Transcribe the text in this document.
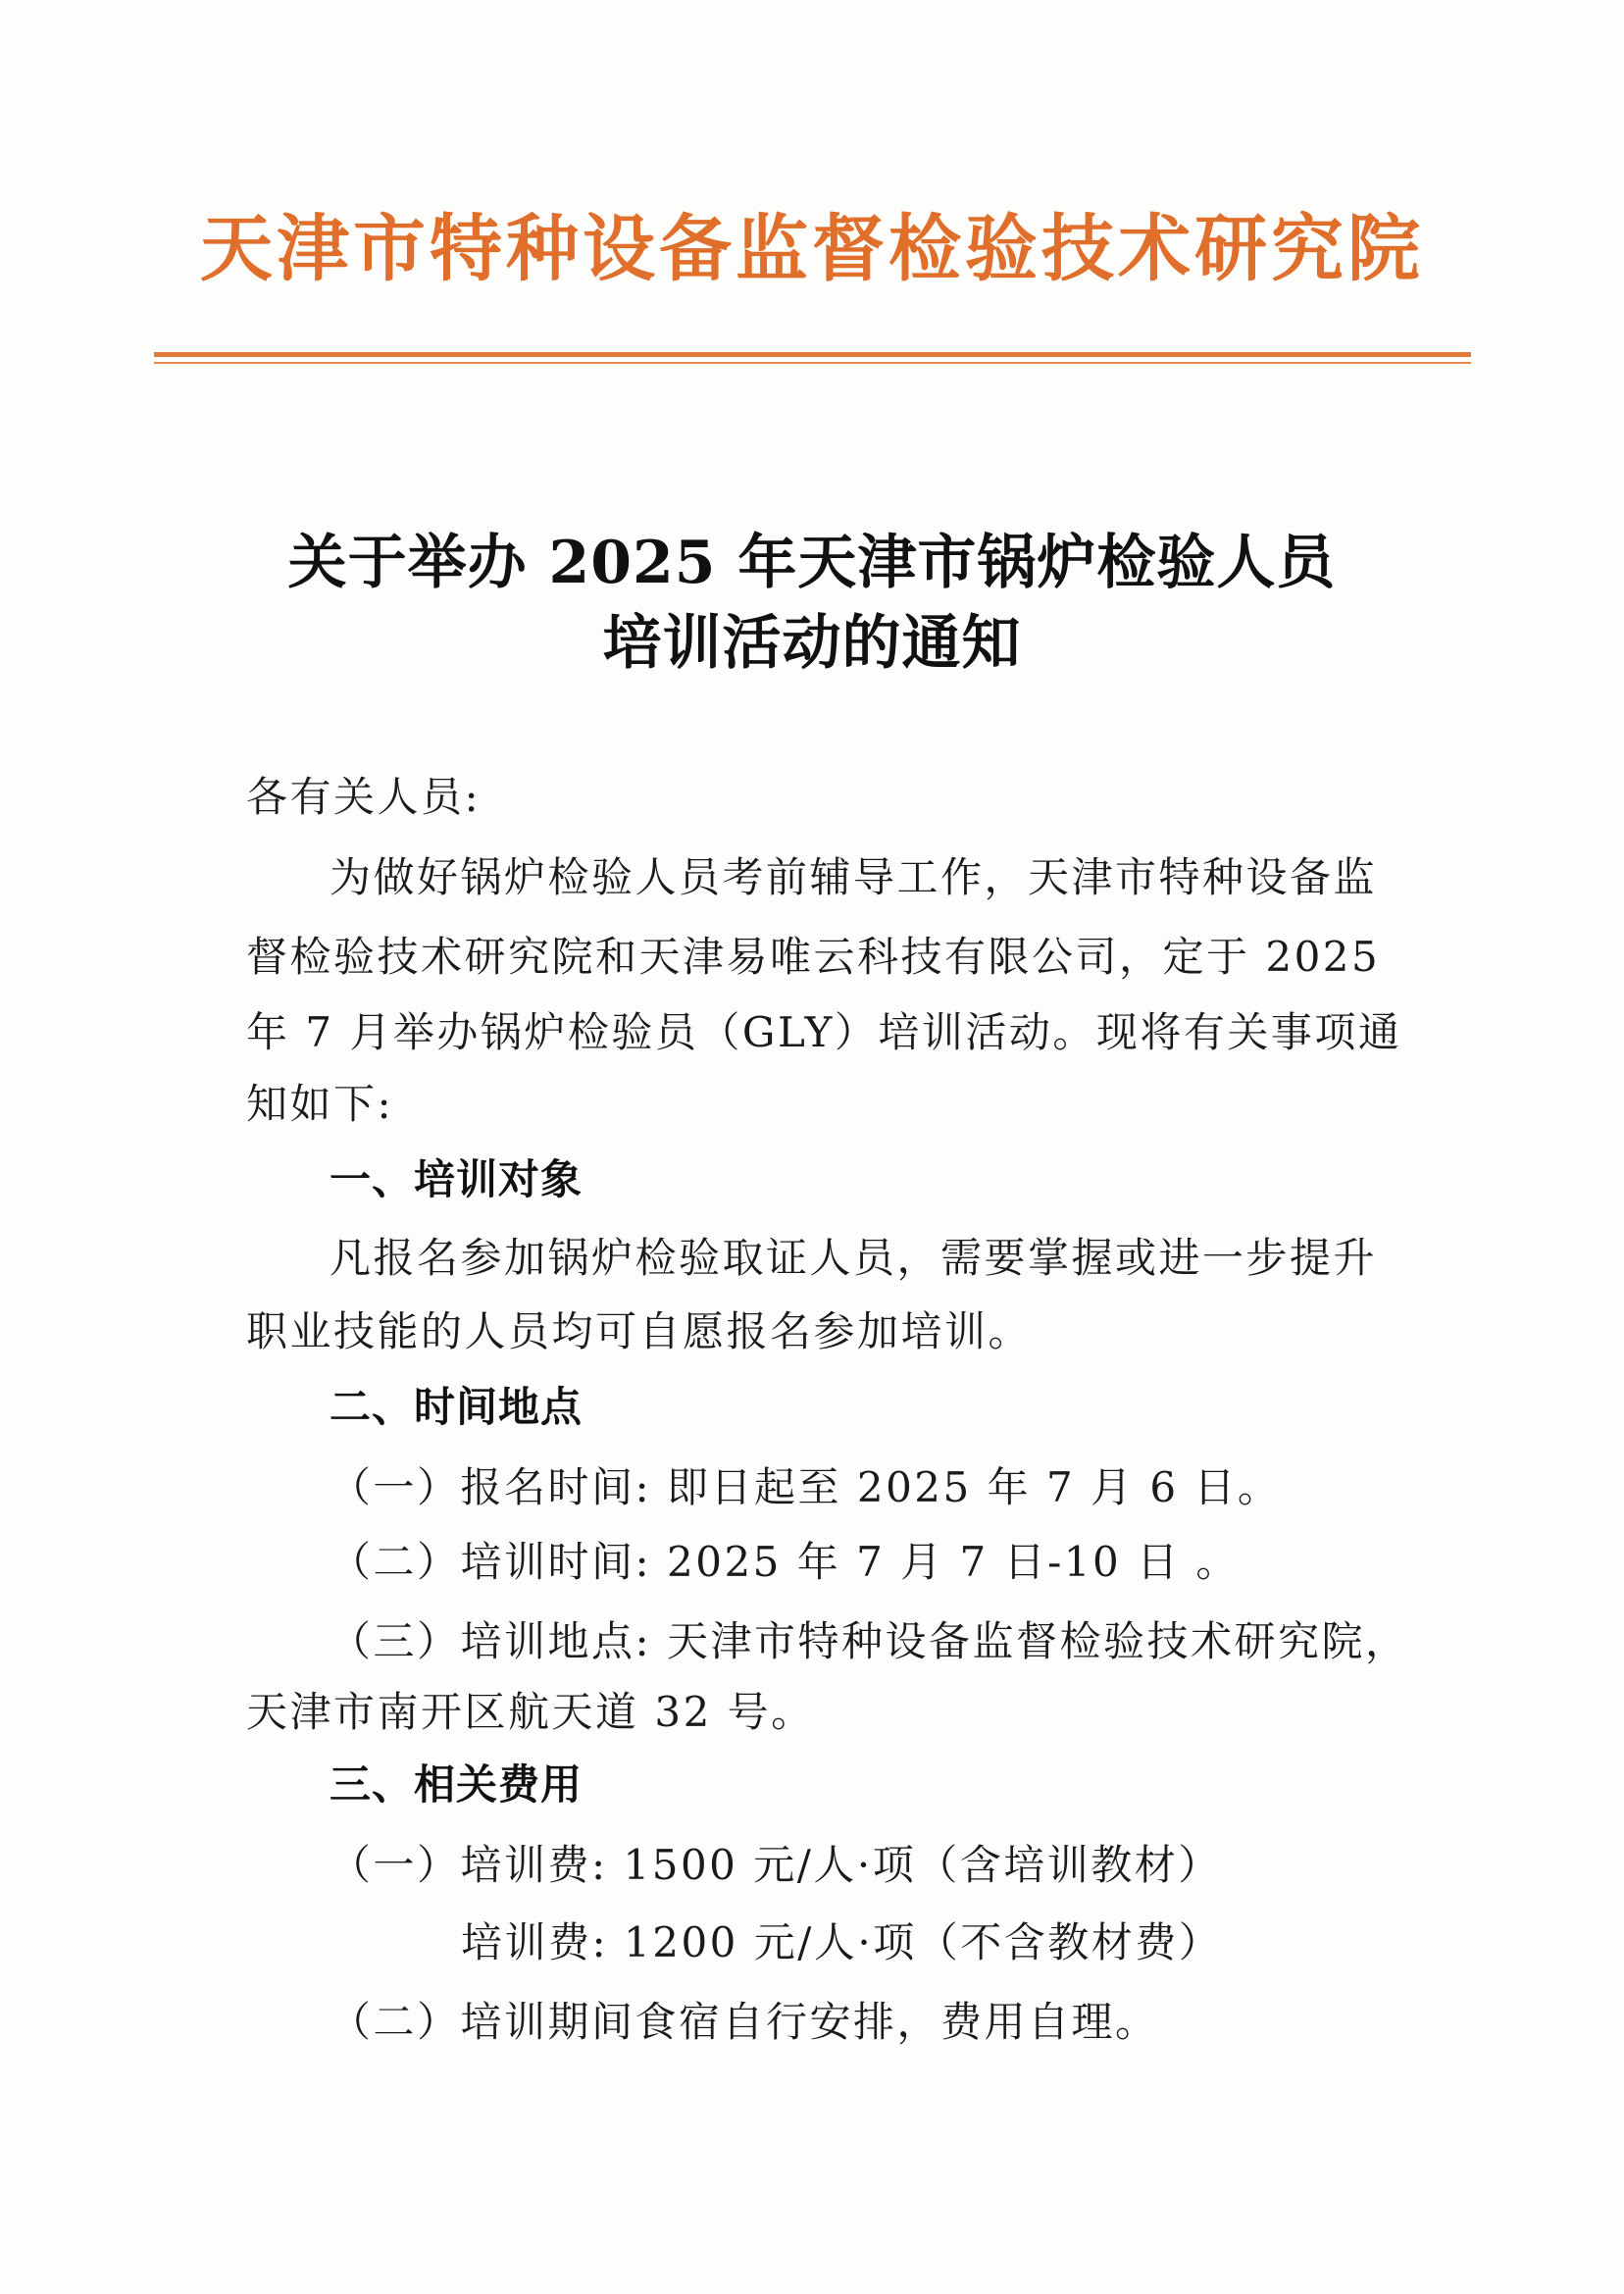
天津市特种设备监督检验技术研究院
关于举办 2025 年天津市锅炉检验人员
培训活动的通知
各有关人员:
为做好锅炉检验人员考前辅导工作，天津市特种设备监
督检验技术研究院和天津易唯云科技有限公司，定于 2025
年 7 月举办锅炉检验员（GLY）培训活动。现将有关事项通
知如下:
一、培训对象
凡报名参加锅炉检验取证人员，需要掌握或进一步提升
职业技能的人员均可自愿报名参加培训。
二、时间地点
（一）报名时间: 即日起至 2025 年 7 月 6 日。
（二）培训时间: 2025 年 7 月 7 日-10 日 。
（三）培训地点: 天津市特种设备监督检验技术研究院，
天津市南开区航天道 32 号。
三、相关费用
（一）培训费: 1500 元/人·项（含培训教材）
培训费: 1200 元/人·项（不含教材费）
（二）培训期间食宿自行安排，费用自理。
